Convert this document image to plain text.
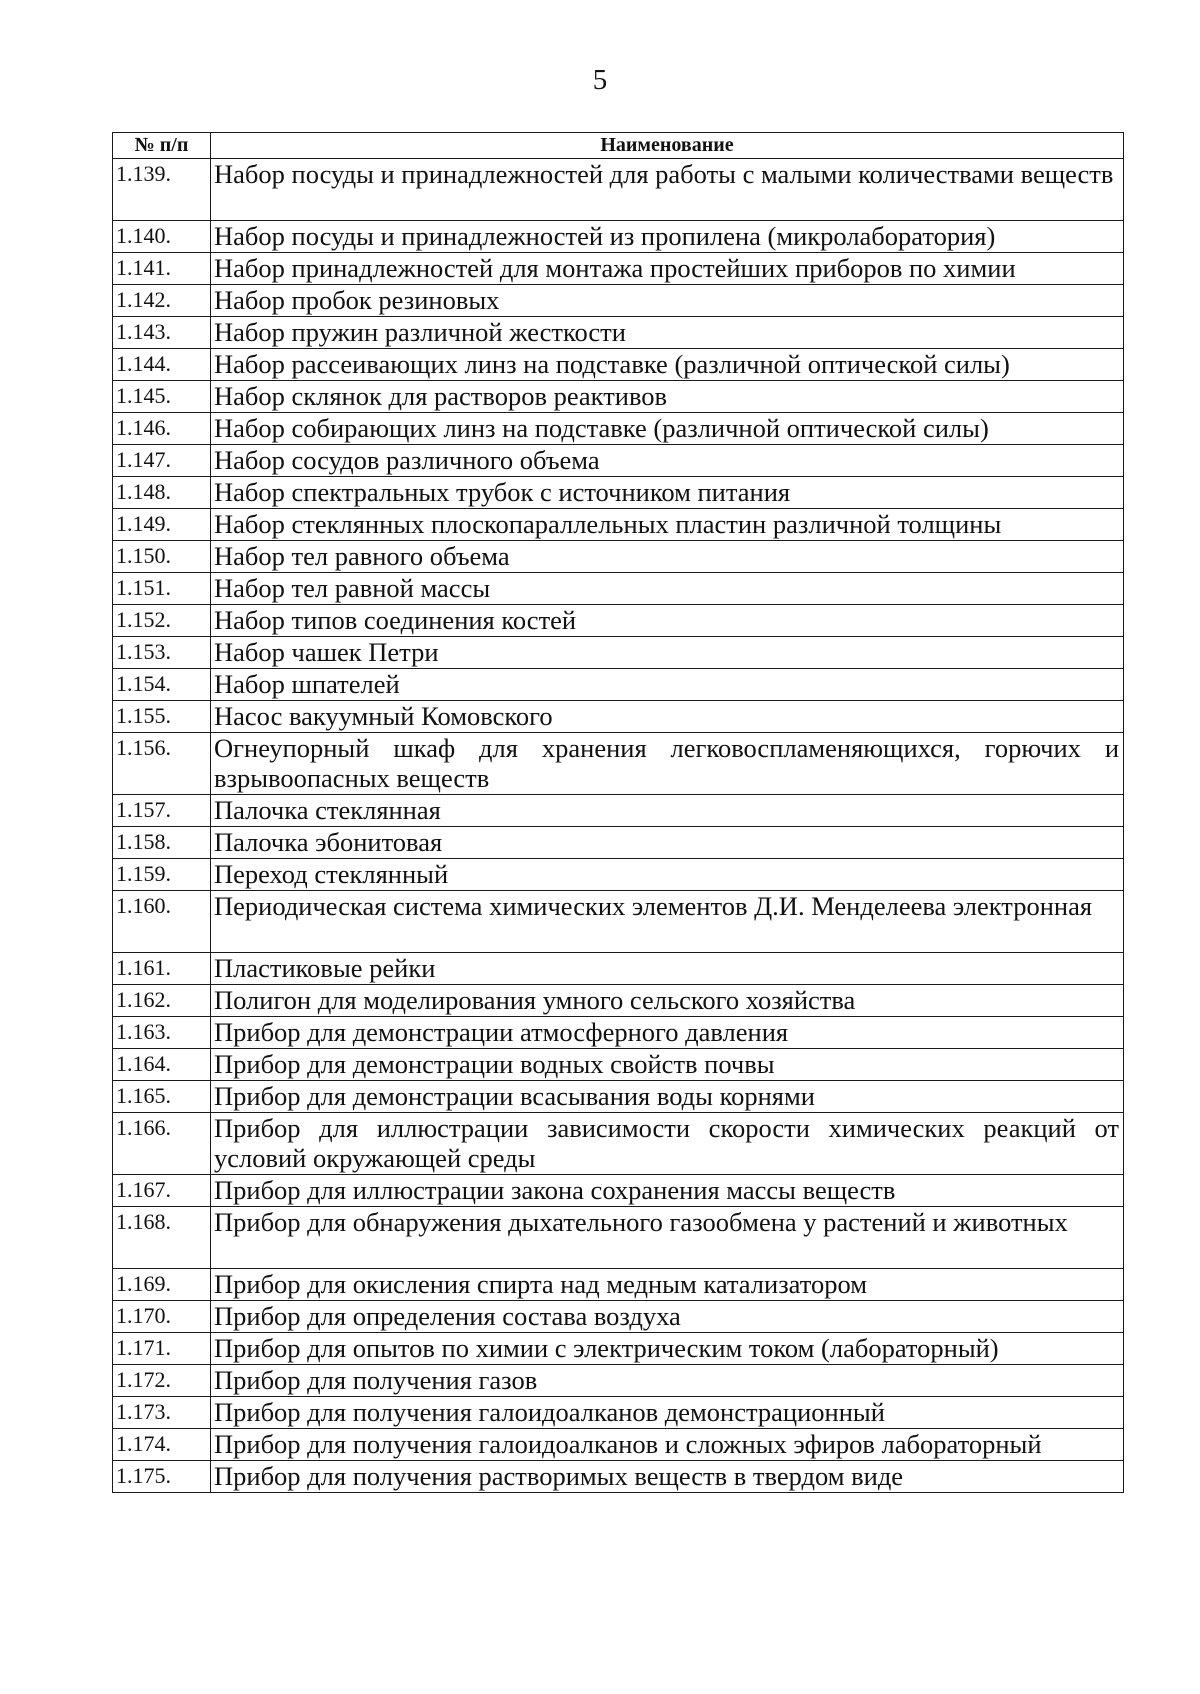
5
№ п/п	Наименование
1.139.	Набор посуды и принадлежностей для работы с малыми количествами веществ
1.140.	Набор посуды и принадлежностей из пропилена (микролаборатория)
1.141.	Набор принадлежностей для монтажа простейших приборов по химии
1.142.	Набор пробок резиновых
1.143.	Набор пружин различной жесткости
1.144.	Набор рассеивающих линз на подставке (различной оптической силы)
1.145.	Набор склянок для растворов реактивов
1.146.	Набор собирающих линз на подставке (различной оптической силы)
1.147.	Набор сосудов различного объема
1.148.	Набор спектральных трубок с источником питания
1.149.	Набор стеклянных плоскопараллельных пластин различной толщины
1.150.	Набор тел равного объема
1.151.	Набор тел равной массы
1.152.	Набор типов соединения костей
1.153.	Набор чашек Петри
1.154.	Набор шпателей
1.155.	Насос вакуумный Комовского
1.156.	Огнеупорный шкаф для хранения легковоспламеняющихся, горючих и взрывоопасных веществ
1.157.	Палочка стеклянная
1.158.	Палочка эбонитовая
1.159.	Переход стеклянный
1.160.	Периодическая система химических элементов Д.И. Менделеева электронная
1.161.	Пластиковые рейки
1.162.	Полигон для моделирования умного сельского хозяйства
1.163.	Прибор для демонстрации атмосферного давления
1.164.	Прибор для демонстрации водных свойств почвы
1.165.	Прибор для демонстрации всасывания воды корнями
1.166.	Прибор для иллюстрации зависимости скорости химических реакций от условий окружающей среды
1.167.	Прибор для иллюстрации закона сохранения массы веществ
1.168.	Прибор для обнаружения дыхательного газообмена у растений и животных
1.169.	Прибор для окисления спирта над медным катализатором
1.170.	Прибор для определения состава воздуха
1.171.	Прибор для опытов по химии с электрическим током (лабораторный)
1.172.	Прибор для получения газов
1.173.	Прибор для получения галоидоалканов демонстрационный
1.174.	Прибор для получения галоидоалканов и сложных эфиров лабораторный
1.175.	Прибор для получения растворимых веществ в твердом виде
